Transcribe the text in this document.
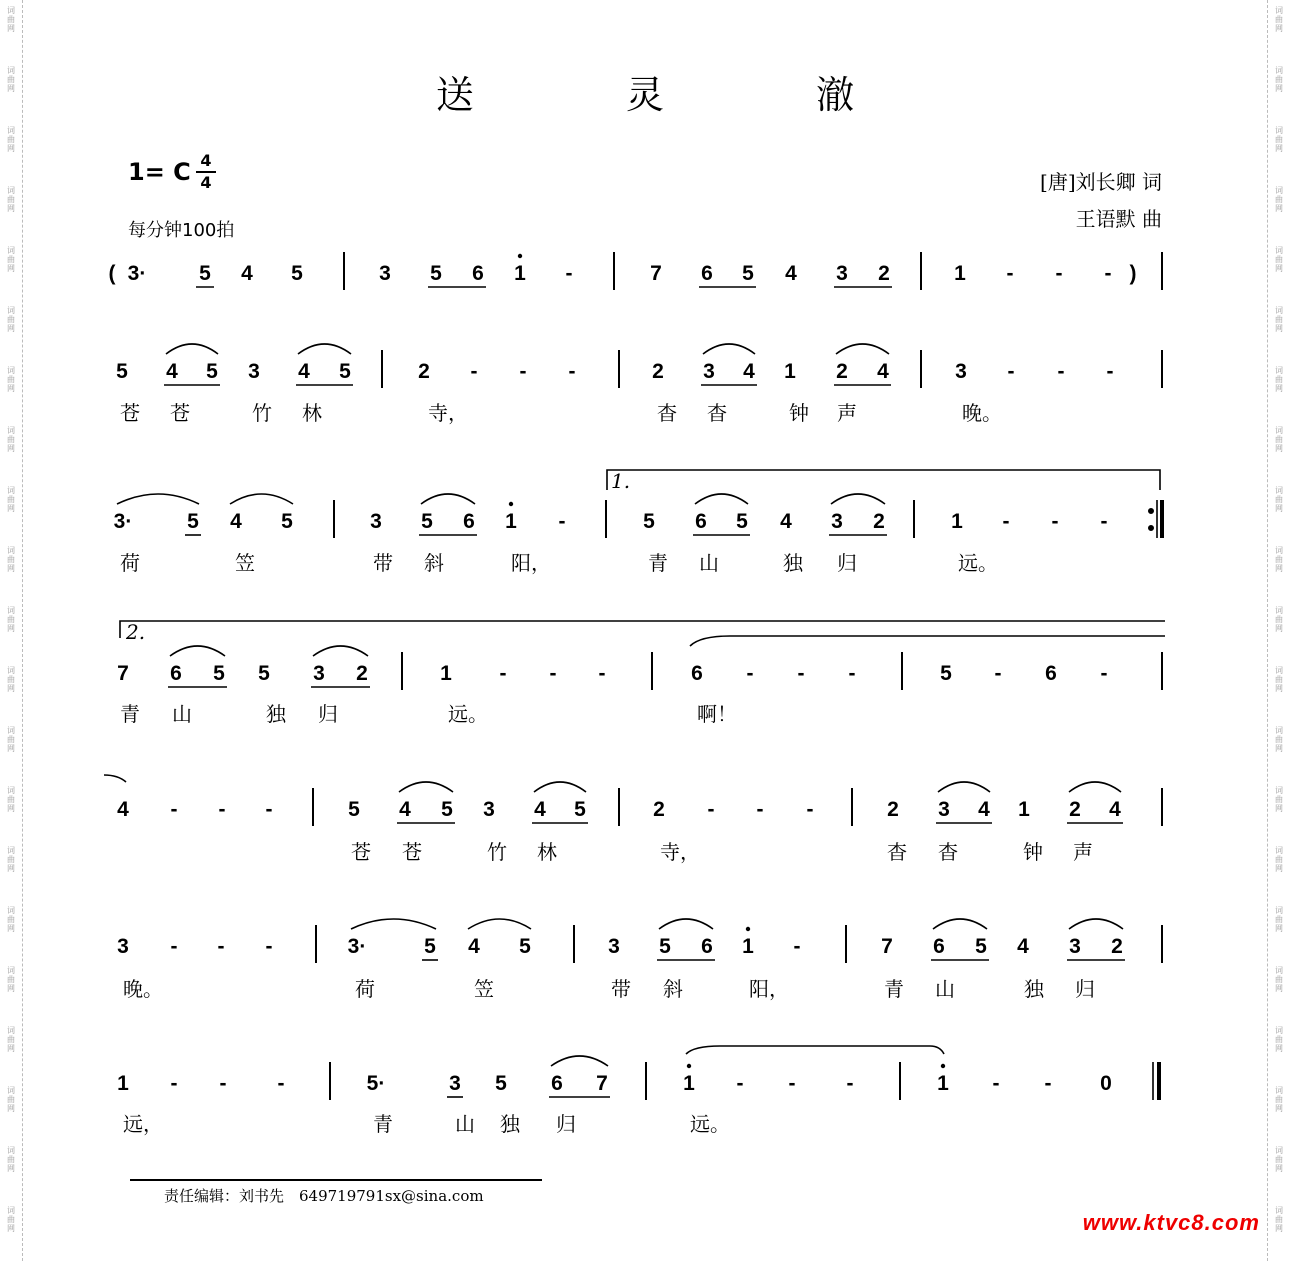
送 灵 澈
1= C 4
4
每分钟100拍
[唐]刘长卿 词
王语默 曲
( 3·	5 4 5	3 5 6 1 -	7 6 5 4 3 2	1 - - - )
5 4 5 3 4 5	2 - - -	2 3 4 1 2 4	3 - - -
3·	5 4 5	3 5 6 1 -	5 6 5 4 3 2	1 - - -
7 6 5 5 3 2	1 - - -	6 - - -	5 - 6 -
4 - - -	5 4 5 3 4 5	2 - - -	2 3 4 1 2 4
3 - - -	3·	5 4 5	3 5 6 1 -	7 6 5 4 3 2
1 - - -	5·	3 5 6 7	1 - - -	1 - - 0
苍 苍	竹 林	寺，	杳 杳	钟 声	晚。
荷	笠	带 斜	阳，	青 山	独 归	远。
青 山	独 归	远。	啊！
苍 苍	竹 林	寺，	杳 杳	钟 声
晚。	荷	笠	带 斜	阳，	青 山	独 归
远，	青	山 独 归	远。
1.
2.
责任编辑：刘书先　649719791sx@sina.com
www.ktvc8.com
词
曲
网
词
曲
网
词
曲
网
词
曲
网
词
曲
网
词
曲
网
词
曲
网
词
曲
网
词
曲
网
词
曲
网
词
曲
网
词
曲
网
词
曲
网
词
曲
网
词
曲
网
词
曲
网
词
曲
网
词
曲
网
词
曲
网
词
曲
网
词
曲
网
词
曲
网
词
曲
网
词
曲
网
词
曲
网
词
曲
网
词
曲
网
词
曲
网
词
曲
网
词
曲
网
词
曲
网
词
曲
网
词
曲
网
词
曲
网
词
曲
网
词
曲
网
词
曲
网
词
曲
网
词
曲
网
词
曲
网
词
曲
网
词
曲
网
